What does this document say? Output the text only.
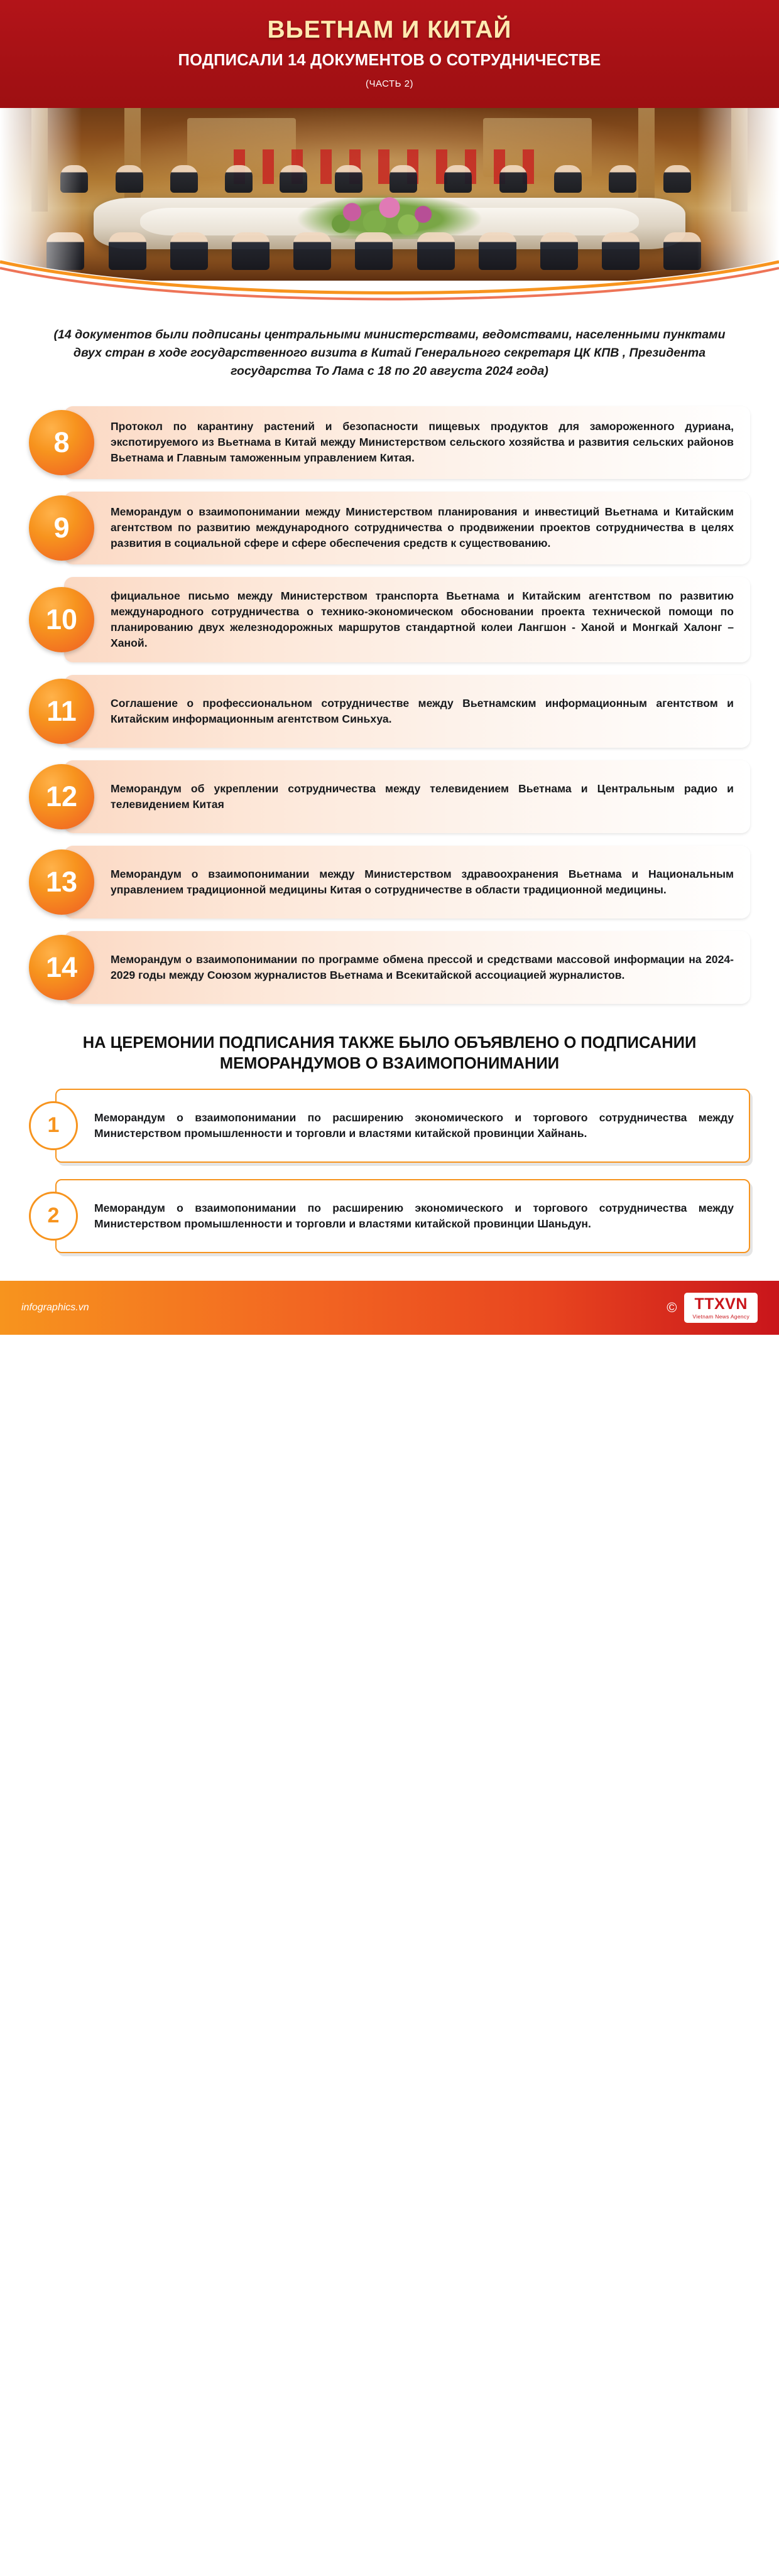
ВЬЕТНАМ И КИТАЙ
ПОДПИСАЛИ 14 ДОКУМЕНТОВ О СОТРУДНИЧЕСТВЕ

(ЧАСТЬ 2)

(14 документов были подписаны центральными министерствами, ведомствами, населенными пунктами двух стран в ходе государственного визита в Китай Генерального секретаря ЦК КПВ , Президента государства То Лама с 18 по 20 августа 2024 года)

8	Протокол по карантину растений и безопасности пищевых продуктов для замороженного дуриана, экспотируемого из Вьетнама в Китай между Министерством сельского хозяйства и развития сельских районов Вьетнама и Главным таможенным управлением Китая.
9	Меморандум о взаимопонимании между Министерством планирования и инвестиций Вьетнама и Китайским агентством по развитию международного сотрудничества о продвижении проектов сотрудничества в целях развития в социальной сфере и сфере обеспечения средств к существованию.
10
фициальное письмо между Министерством транспорта Вьетнама и Китайским агентством по развитию международного сотрудничества о технико-экономическом обосновании проекта технической помощи по планированию двух железнодорожных маршрутов стандартной колеи Лангшон - Ханой и Монгкай Халонг – Ханой.
11	Соглашение о профессиональном сотрудничестве между Вьетнамским информационным агентством и Китайским информационным агентством Синьхуа.
12	Меморандум об укреплении сотрудничества между телевидением Вьетнама и Центральным радио и телевидением Китая
13	Меморандум о взаимопонимании между Министерством здравоохранения Вьетнама и Национальным управлением традиционной медицины Китая о сотрудничестве в области традиционной медицины.
14	Меморандум о взаимопонимании по программе обмена прессой и средствами массовой информации на 2024-2029 годы между Союзом журналистов Вьетнама и Всекитайской ассоциацией журналистов.
НА ЦЕРЕМОНИИ ПОДПИСАНИЯ ТАКЖЕ БЫЛО ОБЪЯВЛЕНО О ПОДПИСАНИИ МЕМОРАНДУМОВ О ВЗАИМОПОНИМАНИИ
1	Меморандум о взаимопонимании по расширению экономического и торгового сотрудничества между Министерством промышленности и торговли и властями китайской провинции Хайнань.
2	Меморандум о взаимопонимании по расширению экономического и торгового сотрудничества между Министерством промышленности и торговли и властями китайской провинции Шаньдун.
infographics.vn	© TTXVN
Vietnam News Agency
